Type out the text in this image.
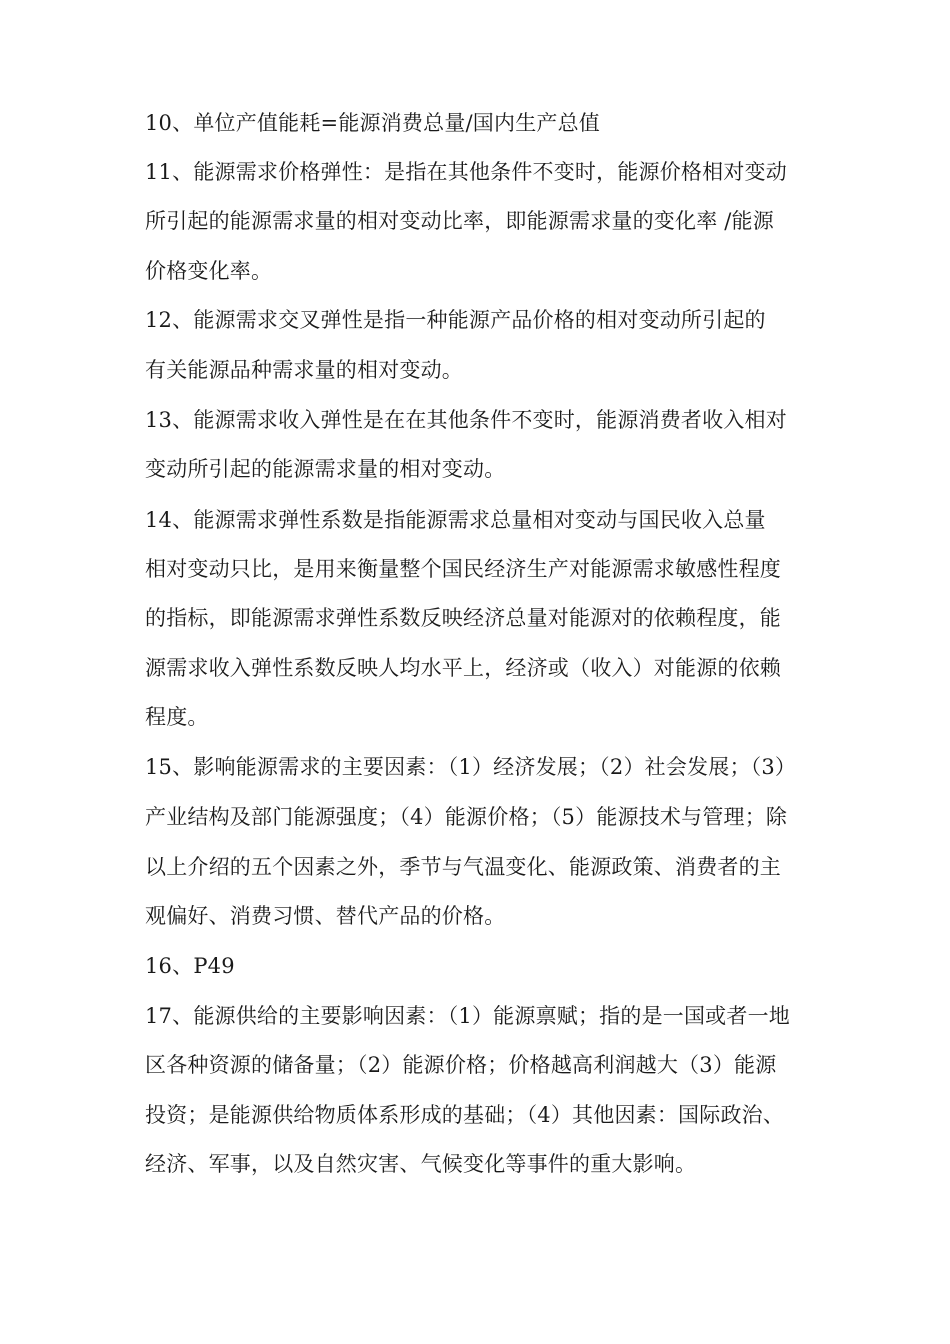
10、单位产值能耗=能源消费总量/国内生产总值
11、能源需求价格弹性：是指在其他条件不变时，能源价格相对变动
所引起的能源需求量的相对变动比率，即能源需求量的变化率 /能源
价格变化率。
12、能源需求交叉弹性是指一种能源产品价格的相对变动所引起的
有关能源品种需求量的相对变动。
13、能源需求收入弹性是在在其他条件不变时，能源消费者收入相对
变动所引起的能源需求量的相对变动。
14、能源需求弹性系数是指能源需求总量相对变动与国民收入总量
相对变动只比，是用来衡量整个国民经济生产对能源需求敏感性程度
的指标，即能源需求弹性系数反映经济总量对能源对的依赖程度，能
源需求收入弹性系数反映人均水平上，经济或（收入）对能源的依赖
程度。
15、影响能源需求的主要因素：（1）经济发展；（2）社会发展；（3）
产业结构及部门能源强度；（4）能源价格；（5）能源技术与管理；除
以上介绍的五个因素之外，季节与气温变化、能源政策、消费者的主
观偏好、消费习惯、替代产品的价格。
16、P49
17、能源供给的主要影响因素：（1）能源禀赋；指的是一国或者一地
区各种资源的储备量；（2）能源价格；价格越高利润越大（3）能源
投资；是能源供给物质体系形成的基础；（4）其他因素：国际政治、
经济、军事，以及自然灾害、气候变化等事件的重大影响。
